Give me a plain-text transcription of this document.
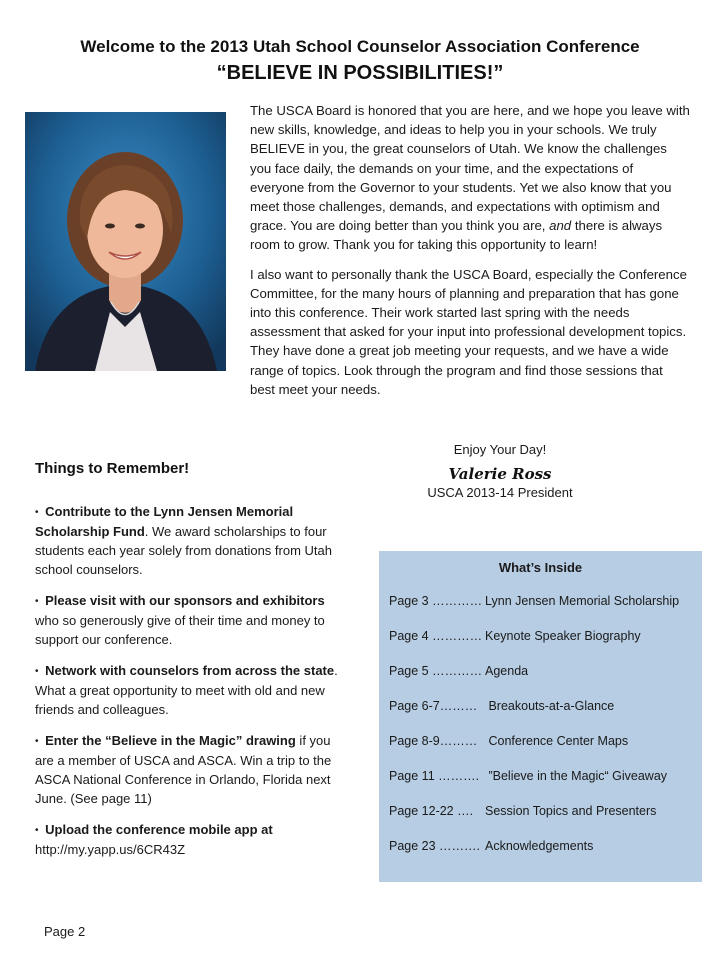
Welcome to the 2013 Utah School Counselor Association Conference
“BELIEVE IN POSSIBILITIES!”

The USCA Board is honored that you are here, and we hope you leave with new skills, knowledge, and ideas to help you in your schools. We truly BELIEVE in you, the great counselors of Utah. We know the challenges you face daily, the demands on your time, and the expectations of everyone from the Governor to your students. Yet we also know that you meet those challenges, demands, and expectations with optimism and grace. You are doing better than you think you are, and there is always room to grow. Thank you for taking this opportunity to learn!

I also want to personally thank the USCA Board, especially the Conference Committee, for the many hours of planning and preparation that has gone into this conference. Their work started last spring with the needs assessment that asked for your input into professional development topics. They have done a great job meeting your requests, and we have a wide range of topics. Look through the program and find those sessions that best meet your needs.

Enjoy Your Day!
Valerie Ross
USCA 2013-14 President
Things to Remember!
• Contribute to the Lynn Jensen Memorial Scholarship Fund. We award scholarships to four students each year solely from donations from Utah school counselors.
• Please visit with our sponsors and exhibitors who so generously give of their time and money to support our conference.
• Network with counselors from across the state. What a great opportunity to meet with old and new friends and colleagues.
• Enter the “Believe in the Magic” drawing if you are a member of USCA and ASCA. Win a trip to the ASCA National Conference in Orlando, Florida next June. (See page 11)
• Upload the conference mobile app at http://my.yapp.us/6CR43Z
What’s Inside
Page 3 ………… Lynn Jensen Memorial Scholarship
Page 4 ………… Keynote Speaker Biography
Page 5 ………… Agenda
Page 6-7……… Breakouts-at-a-Glance
Page 8-9……… Conference Center Maps
Page 11 ………. ”Believe in the Magic“ Giveaway
Page 12-22 …. Session Topics and Presenters
Page 23 ………. Acknowledgements
Page 2
